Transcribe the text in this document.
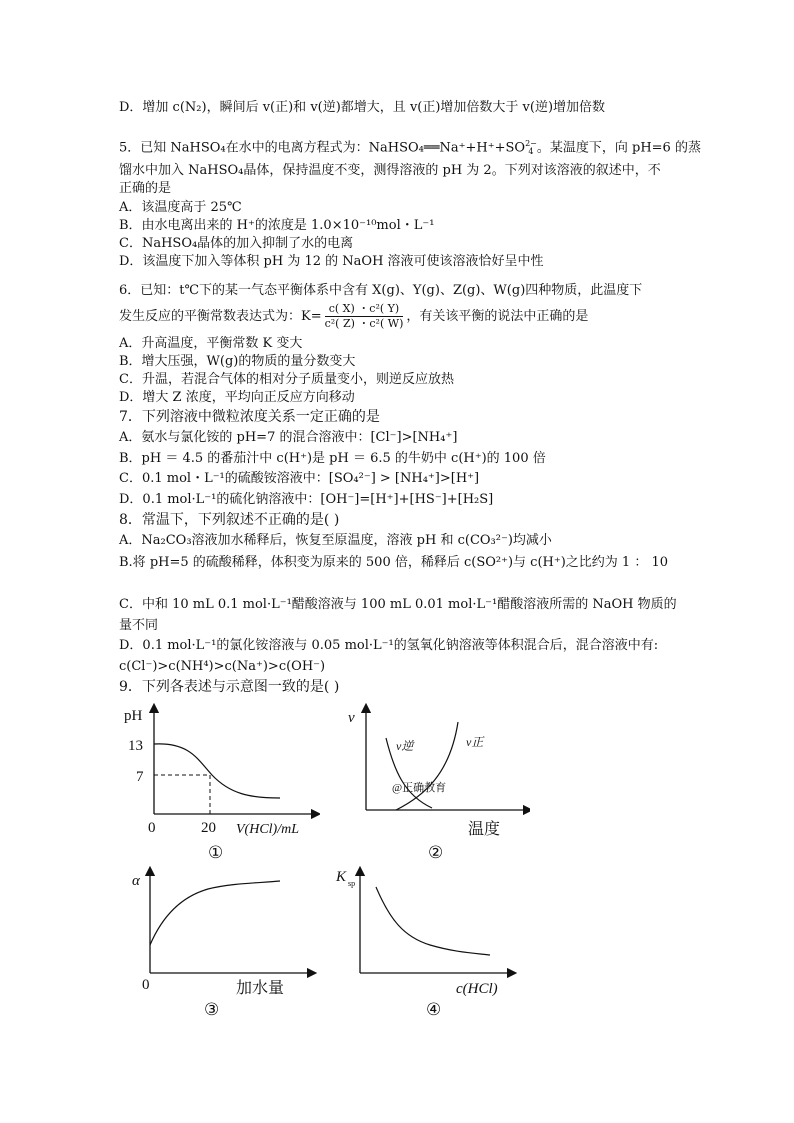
D．增加 c(N₂)，瞬间后 v(正)和 v(逆)都增大，且 v(正)增加倍数大于 v(逆)增加倍数
5．已知 NaHSO₄在水中的电离方程式为：NaHSO₄══Na⁺+H⁺+SO 2−
4 。某温度下，向 pH=6 的蒸
馏水中加入 NaHSO₄晶体，保持温度不变，测得溶液的 pH 为 2。下列对该溶液的叙述中，不
正确的是
A．该温度高于 25℃
B．由水电离出来的 H⁺的浓度是 1.0×10⁻¹⁰mol・L⁻¹
C．NaHSO₄晶体的加入抑制了水的电离
D．该温度下加入等体积 pH 为 12 的 NaOH 溶液可使该溶液恰好呈中性
6．已知：t℃下的某一气态平衡体系中含有 X(g)、Y(g)、Z(g)、W(g)四种物质，此温度下
发生反应的平衡常数表达式为：$K= \frac{\text{c( X) ・c²( Y)}}{\text{c²( Z) ・c²( W)}}$ ，有关该平衡的说法中正确的是
A．升高温度，平衡常数 K 变大
B．增大压强，W(g)的物质的量分数变大
C．升温，若混合气体的相对分子质量变小，则逆反应放热
D．增大 Z 浓度，平均向正反应方向移动
7．下列溶液中微粒浓度关系一定正确的是
A．氨水与氯化铵的 pH=7 的混合溶液中：[Cl⁻]>[NH₄⁺]
B．pH ＝ 4.5 的番茄汁中 c(H⁺)是 pH ＝ 6.5 的牛奶中 c(H⁺)的 100 倍
C．0.1 mol・L⁻¹的硫酸铵溶液中：[SO₄²⁻] > [NH₄⁺]>[H⁺]
D．0.1 mol·L⁻¹的硫化钠溶液中：[OH⁻]=[H⁺]+[HS⁻]+[H₂S]
8．常温下，下列叙述不正确的是( )
A．Na₂CO₃溶液加水稀释后，恢复至原温度，溶液 pH 和 c(CO₃²⁻)均减小
B.将 pH=5 的硫酸稀释，体积变为原来的 500 倍，稀释后 c(SO²⁺)与 c(H⁺)之比约为 1 ： 10
C．中和 10 mL 0.1 mol·L⁻¹醋酸溶液与 100 mL 0.01 mol·L⁻¹醋酸溶液所需的 NaOH 物质的
量不同
D．0.1 mol·L⁻¹的氯化铵溶液与 0.05 mol·L⁻¹的氢氧化钠溶液等体积混合后，混合溶液中有:
c(Cl⁻)>c(NH⁴)>c(Na⁺)>c(OH⁻)
9．下列各表述与示意图一致的是( )
pH
13
7
0	20 V(HCl)/mL
①
v
v逆	v正
@正确教育
温度
②
α
0	加水量
③
K sp
c(HCl)
④
